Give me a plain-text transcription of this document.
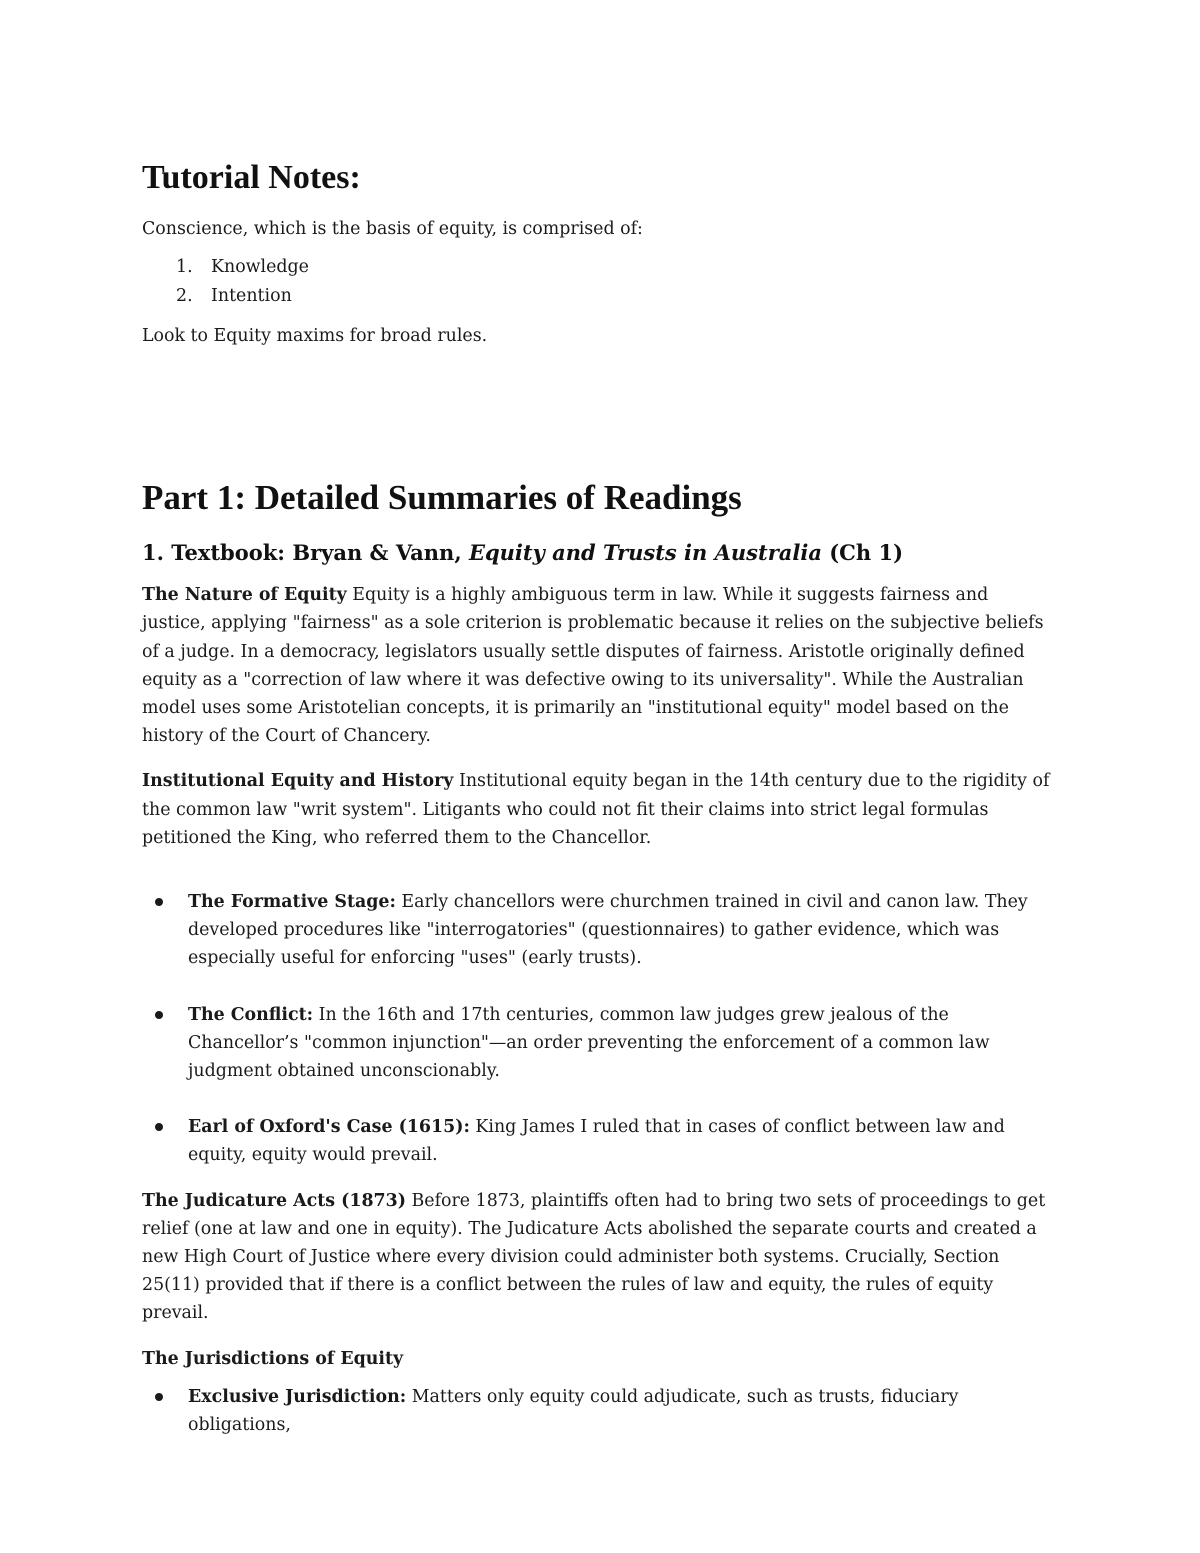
Tutorial Notes:

Conscience, which is the basis of equity, is comprised of:

1.	Knowledge
2.	Intention

Look to Equity maxims for broad rules.

Part 1: Detailed Summaries of Readings
1. Textbook: Bryan & Vann, Equity and Trusts in Australia (Ch 1)

The Nature of Equity Equity is a highly ambiguous term in law. While it suggests fairness and justice, applying "fairness" as a sole criterion is problematic because it relies on the subjective beliefs of a judge. In a democracy, legislators usually settle disputes of fairness. Aristotle originally defined equity as a "correction of law where it was defective owing to its universality". While the Australian model uses some Aristotelian concepts, it is primarily an "institutional equity" model based on the history of the Court of Chancery.

Institutional Equity and History Institutional equity began in the 14th century due to the rigidity of the common law "writ system". Litigants who could not fit their claims into strict legal formulas petitioned the King, who referred them to the Chancellor.

The Formative Stage: Early chancellors were churchmen trained in civil and canon law. They developed procedures like "interrogatories" (questionnaires) to gather evidence, which was especially useful for enforcing "uses" (early trusts).
The Conflict: In the 16th and 17th centuries, common law judges grew jealous of the Chancellor’s "common injunction"—an order preventing the enforcement of a common law judgment obtained unconscionably.
Earl of Oxford's Case (1615): King James I ruled that in cases of conflict between law and equity, equity would prevail.

The Judicature Acts (1873) Before 1873, plaintiffs often had to bring two sets of proceedings to get relief (one at law and one in equity). The Judicature Acts abolished the separate courts and created a new High Court of Justice where every division could administer both systems. Crucially, Section 25(11) provided that if there is a conflict between the rules of law and equity, the rules of equity prevail.

The Jurisdictions of Equity

Exclusive Jurisdiction: Matters only equity could adjudicate, such as trusts, fiduciary obligations,
